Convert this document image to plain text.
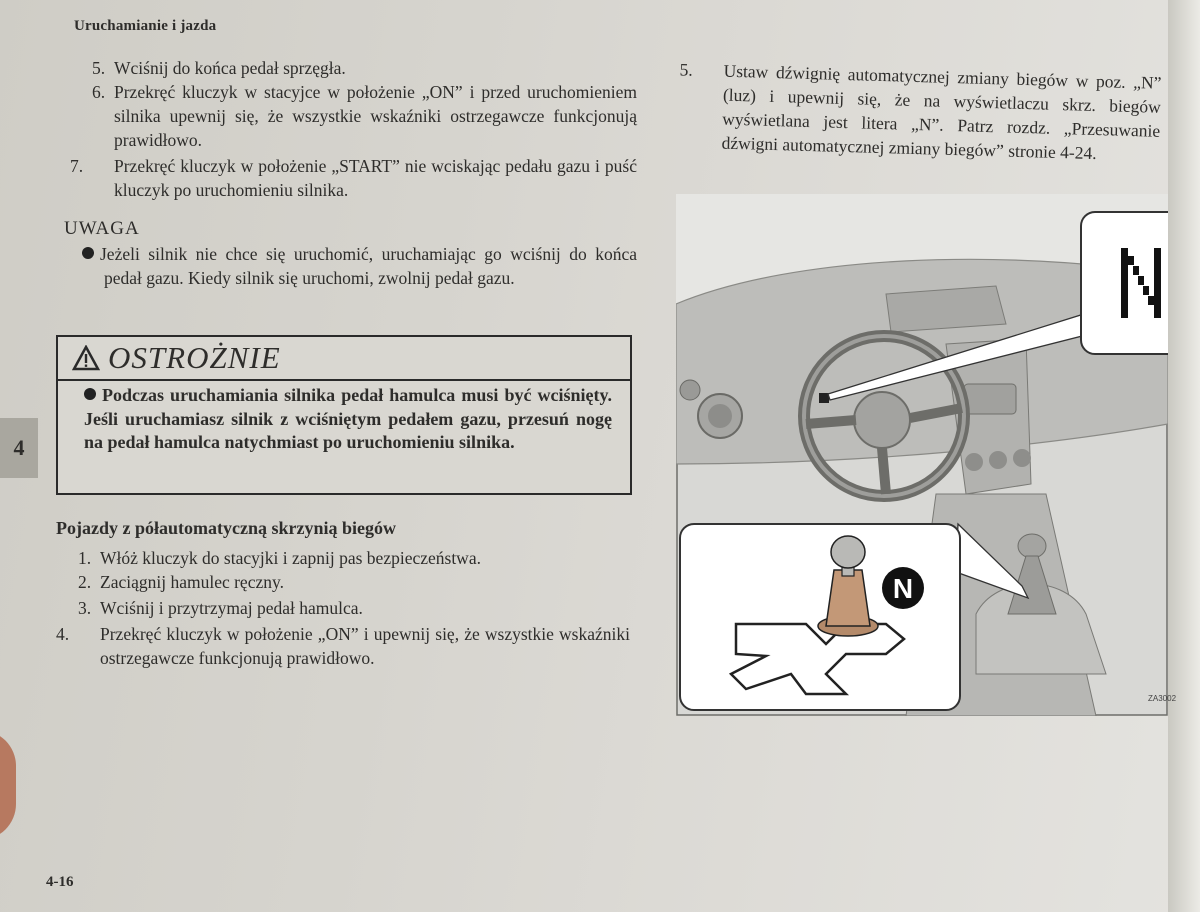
Uruchamianie i jazda
5. Wciśnij do końca pedał sprzęgła.
6. Przekręć kluczyk w stacyjce w położenie „ON” i przed uruchomieniem silnika upewnij się, że wszystkie wskaźniki ostrzegawcze funkcjonują prawidłowo.
7. Przekręć kluczyk w położenie „START” nie wciskając pedału gazu i puść kluczyk po uruchomieniu silnika.
UWAGA
Jeżeli silnik nie chce się uruchomić, uruchamiając go wciśnij do końca pedał gazu. Kiedy silnik się uruchomi, zwolnij pedał gazu.
OSTROŻNIE
Podczas uruchamiania silnika pedał hamulca musi być wciśnięty. Jeśli uruchamiasz silnik z wciśniętym pedałem gazu, przesuń nogę na pedał hamulca natychmiast po uruchomieniu silnika.
4
Pojazdy z półautomatyczną skrzynią biegów
1. Włóż kluczyk do stacyjki i zapnij pas bezpieczeństwa.
2. Zaciągnij hamulec ręczny.
3. Wciśnij i przytrzymaj pedał hamulca.
4. Przekręć kluczyk w położenie „ON” i upewnij się, że wszystkie wskaźniki ostrzegawcze funkcjonują prawidłowo.
5. Ustaw dźwignię automatycznej zmiany biegów w poz. „N” (luz) i upewnij się, że na wyświetlaczu skrz. biegów wyświetlana jest litera „N”. Patrz rozdz. „Przesuwanie dźwigni automatycznej zmiany biegów” stronie 4-24.
N
ZA3002
4-16
